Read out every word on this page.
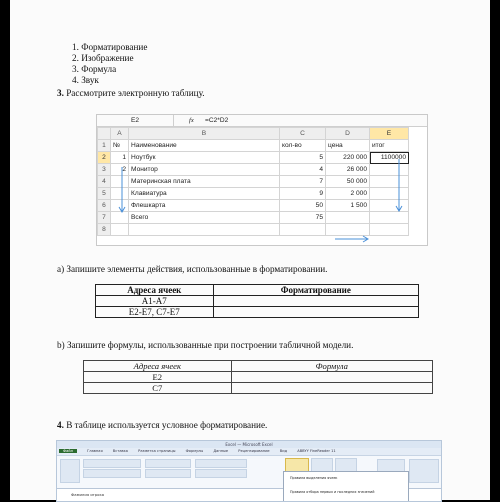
1. Форматирование
2. Изображение
3. Формула
4. Звук
3. Рассмотрите электронную таблицу.
E2	fx =C2*D2
	A	B	C	D	E
1	№	Наименование	кол-во	цена	итог
2	1	Ноутбук	5	220 000	1100000
3	2	Монитор	4	26 000	
4		Материнская плата	7	50 000	
5		Клавиатура	9	2 000	
6		Флешкарта	50	1 500	
7		Всего	75		
8					
а) Запишите элементы действия, использованные в форматировании.
Адреса ячеек	Форматирование
A1-A7	
E2-E7, C7-E7	
b) Запишите формулы, использованные при построении табличной модели.
Адреса ячеек	Формула
E2	
C7	
4. В таблице используется условное форматирование.
Excel — Microsoft Excel
Файл	Главная	Вставка	Разметка страницы	Формулы	Данные	Рецензирование	Вид	ABBYY FineReader 11
Фамилия игрока
Правила выделения ячеек
Правила отбора первых и последних значений
